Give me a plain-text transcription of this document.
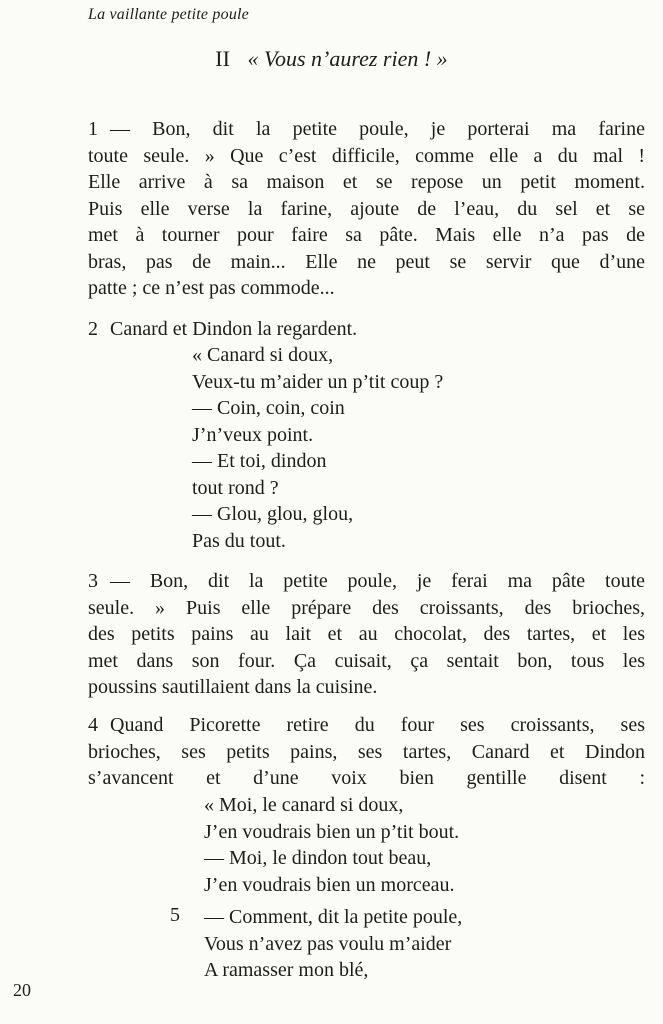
La vaillante petite poule
II « Vous n’aurez rien ! »
1 — Bon, dit la petite poule, je porterai ma farine
toute seule. » Que c’est difficile, comme elle a du mal !
Elle arrive à sa maison et se repose un petit moment.
Puis elle verse la farine, ajoute de l’eau, du sel et se
met à tourner pour faire sa pâte. Mais elle n’a pas de
bras, pas de main... Elle ne peut se servir que d’une
patte ; ce n’est pas commode...
2 Canard et Dindon la regardent.
« Canard si doux,
Veux-tu m’aider un p’tit coup ?
— Coin, coin, coin
J’n’veux point.
— Et toi, dindon
tout rond ?
— Glou, glou, glou,
Pas du tout.
3 — Bon, dit la petite poule, je ferai ma pâte toute
seule. » Puis elle prépare des croissants, des brioches,
des petits pains au lait et au chocolat, des tartes, et les
met dans son four. Ça cuisait, ça sentait bon, tous les
poussins sautillaient dans la cuisine.
4 Quand Picorette retire du four ses croissants, ses
brioches, ses petits pains, ses tartes, Canard et Dindon
s’avancent et d’une voix bien gentille disent :
« Moi, le canard si doux,
J’en voudrais bien un p’tit bout.
— Moi, le dindon tout beau,
J’en voudrais bien un morceau.
5 — Comment, dit la petite poule,
Vous n’avez pas voulu m’aider
A ramasser mon blé,
20
